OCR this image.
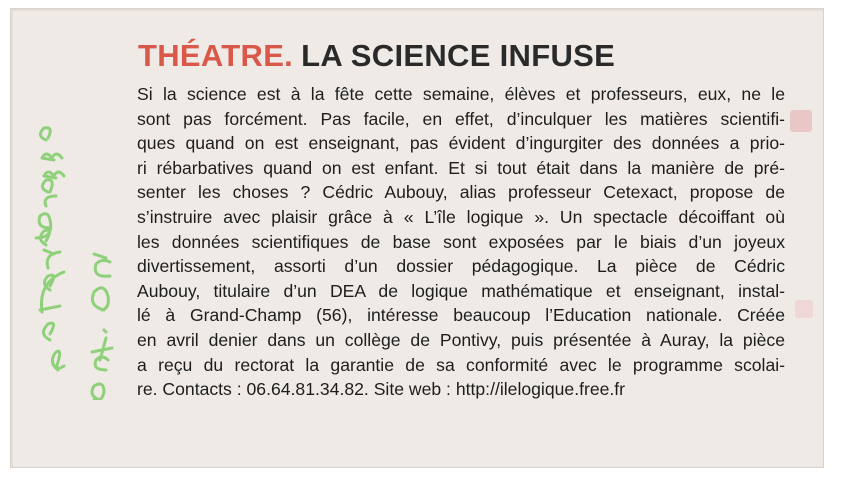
THÉATRE. LA SCIENCE INFUSE
Si la science est à la fête cette semaine, élèves et professeurs, eux, ne le
sont pas forcément. Pas facile, en effet, d’inculquer les matières scientifi-
ques quand on est enseignant, pas évident d’ingurgiter des données a prio-
ri rébarbatives quand on est enfant. Et si tout était dans la manière de pré-
senter les choses ? Cédric Aubouy, alias professeur Cetexact, propose de
s’instruire avec plaisir grâce à « L’île logique ». Un spectacle décoiffant où
les données scientifiques de base sont exposées par le biais d’un joyeux
divertissement, assorti d’un dossier pédagogique. La pièce de Cédric
Aubouy, titulaire d’un DEA de logique mathématique et enseignant, instal-
lé à Grand-Champ (56), intéresse beaucoup l’Education nationale. Créée
en avril denier dans un collège de Pontivy, puis présentée à Auray, la pièce
a reçu du rectorat la garantie de sa conformité avec le programme scolai-
re. Contacts : 06.64.81.34.82. Site web : http://ilelogique.free.fr
